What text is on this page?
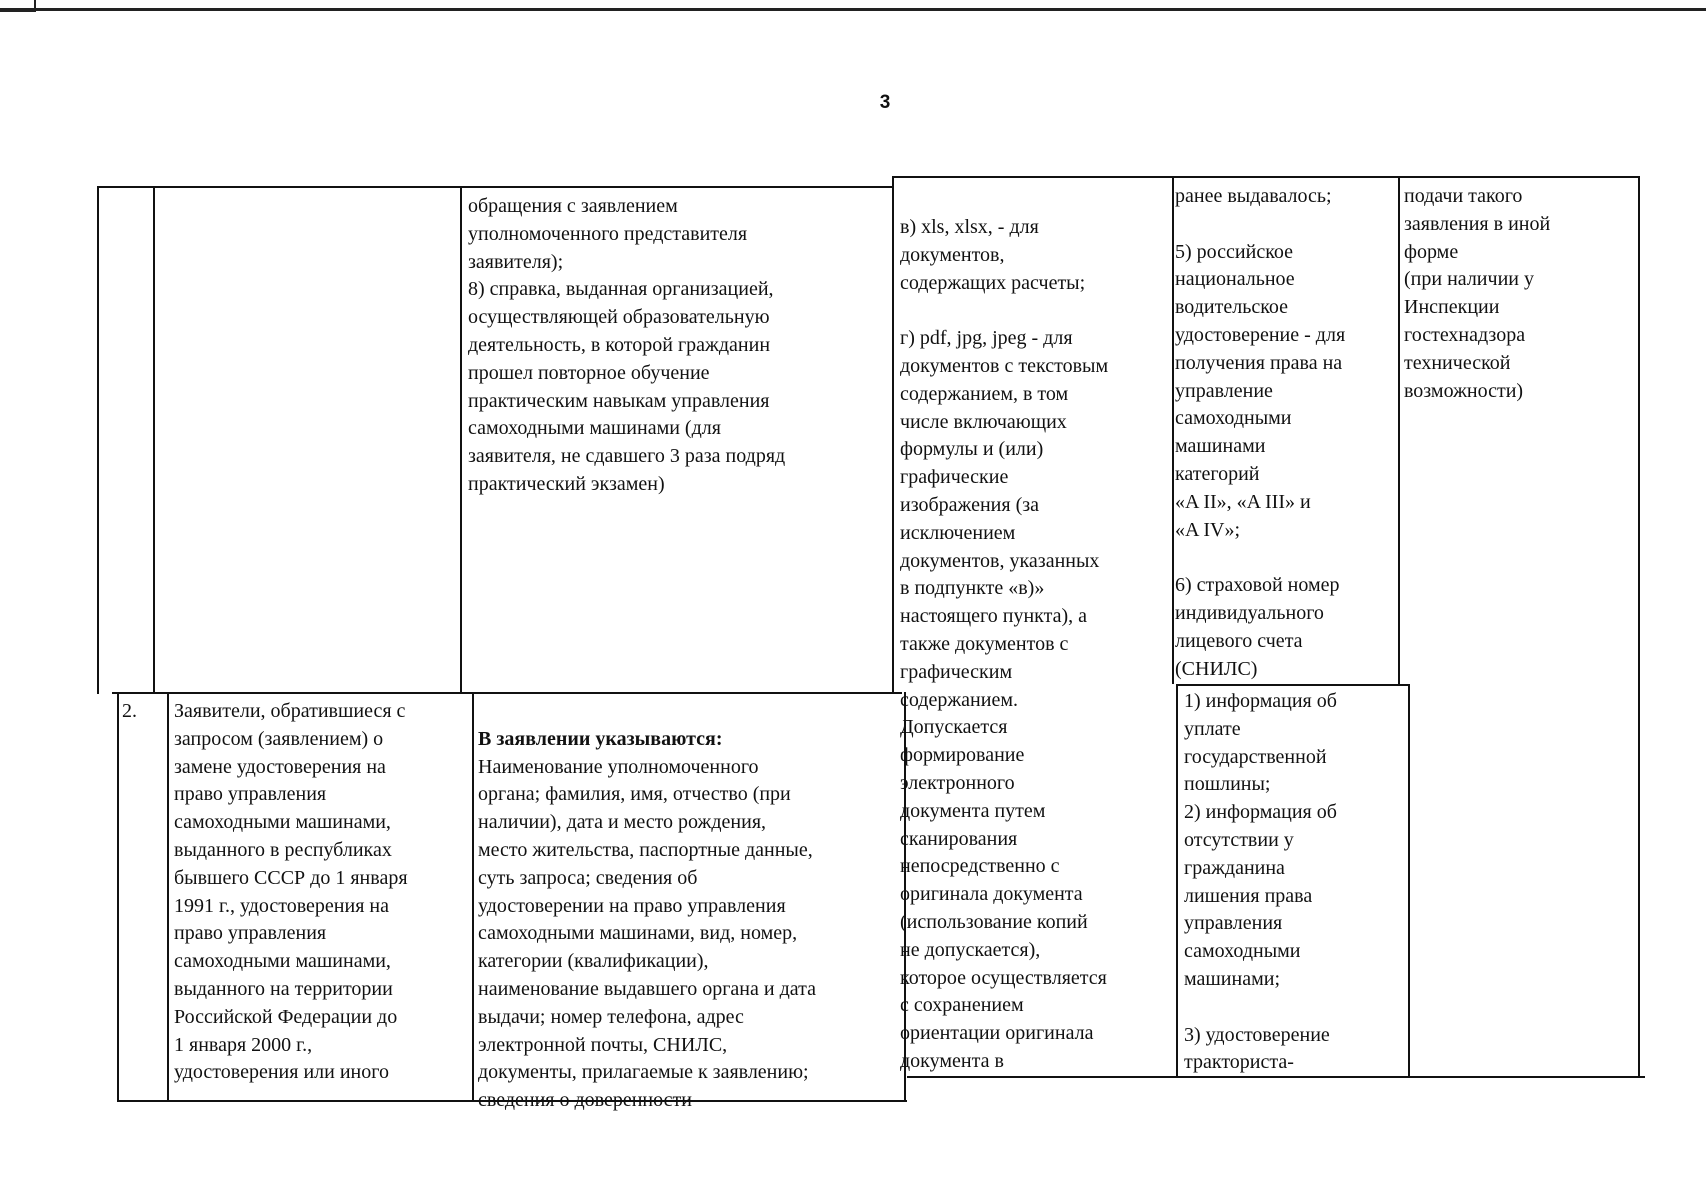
3

обращения с заявлением
уполномоченного представителя
заявителя);
8) справка, выданная организацией,
осуществляющей образовательную
деятельность, в которой гражданин
прошел повторное обучение
практическим навыкам управления
самоходными машинами (для
заявителя, не сдавшего 3 раза подряд
практический экзамен)

в) xls, xlsx, - для
документов,
содержащих расчеты;

г) pdf, jpg, jpeg - для
документов с текстовым
содержанием, в том
числе включающих
формулы и (или)
графические
изображения (за
исключением
документов, указанных
в подпункте «в)»
настоящего пункта), а
также документов с
графическим
содержанием.
Допускается
формирование
электронного
документа путем
сканирования
непосредственно с
оригинала документа
(использование копий
не допускается),
которое осуществляется
с сохранением
ориентации оригинала
документа в

ранее выдавалось;

5) российское
национальное
водительское
удостоверение - для
получения права на
управление
самоходными
машинами
категорий
«A II», «A III» и
«A IV»;

6) страховой номер
индивидуального
лицевого счета
(СНИЛС)

подачи такого
заявления в иной
форме
(при наличии у
Инспекции
гостехнадзора
технической
возможности)

2.	Заявители, обратившиеся с
запросом (заявлением) о
замене удостоверения на
право управления
самоходными машинами,
выданного в республиках
бывшего СССР до 1 января
1991 г., удостоверения на
право управления
самоходными машинами,
выданного на территории
Российской Федерации до
1 января 2000 г.,
удостоверения или иного

В заявлении указываются:
Наименование уполномоченного
органа; фамилия, имя, отчество (при
наличии), дата и место рождения,
место жительства, паспортные данные,
суть запроса; сведения об
удостоверении на право управления
самоходными машинами, вид, номер,
категории (квалификации),
наименование выдавшего органа и дата
выдачи; номер телефона, адрес
электронной почты, СНИЛС,
документы, прилагаемые к заявлению;
сведения о доверенности

1) информация об
уплате
государственной
пошлины;
2) информация об
отсутствии у
гражданина
лишения права
управления
самоходными
машинами;

3) удостоверение
тракториста-
